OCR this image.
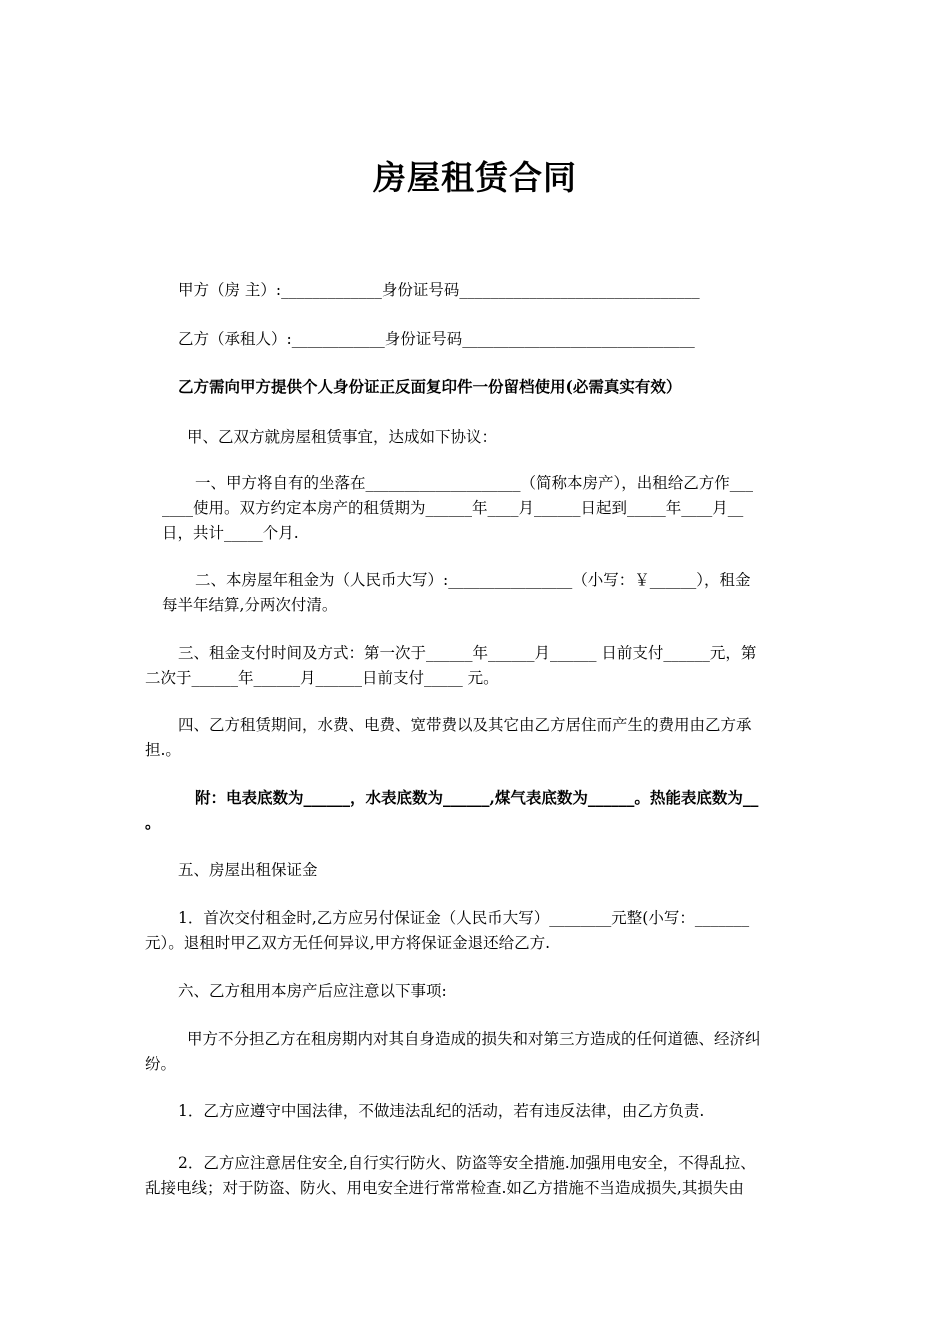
房屋租赁合同
甲方（房 主）:_____________身份证号码_______________________________
乙方（承租人）:____________身份证号码______________________________
乙方需向甲方提供个人身份证正反面复印件一份留档使用(必需真实有效）
甲、乙双方就房屋租赁事宜，达成如下协议：
一、甲方将自有的坐落在____________________（简称本房产），出租给乙方作___
____使用。双方约定本房产的租赁期为______年____月______日起到_____年____月__
日，共计_____个月.
二、本房屋年租金为（人民币大写）:________________（小写：￥______），租金
每半年结算,分两次付清。
三、租金支付时间及方式：第一次于______年______月______ 日前支付______元，第
二次于______年______月______日前支付_____ 元。
四、乙方租赁期间，水费、电费、宽带费以及其它由乙方居住而产生的费用由乙方承
担.。
附：电表底数为______，水表底数为______,煤气表底数为______。热能表底数为__
。
五、房屋出租保证金
1．首次交付租金时,乙方应另付保证金（人民币大写）________元整(小写：_______
元）。退租时甲乙双方无任何异议,甲方将保证金退还给乙方.
六、乙方租用本房产后应注意以下事项:
甲方不分担乙方在租房期内对其自身造成的损失和对第三方造成的任何道德、经济纠
纷。
1．乙方应遵守中国法律，不做违法乱纪的活动，若有违反法律，由乙方负责.
2．乙方应注意居住安全,自行实行防火、防盗等安全措施.加强用电安全，不得乱拉、
乱接电线；对于防盗、防火、用电安全进行常常检查.如乙方措施不当造成损失,其损失由
